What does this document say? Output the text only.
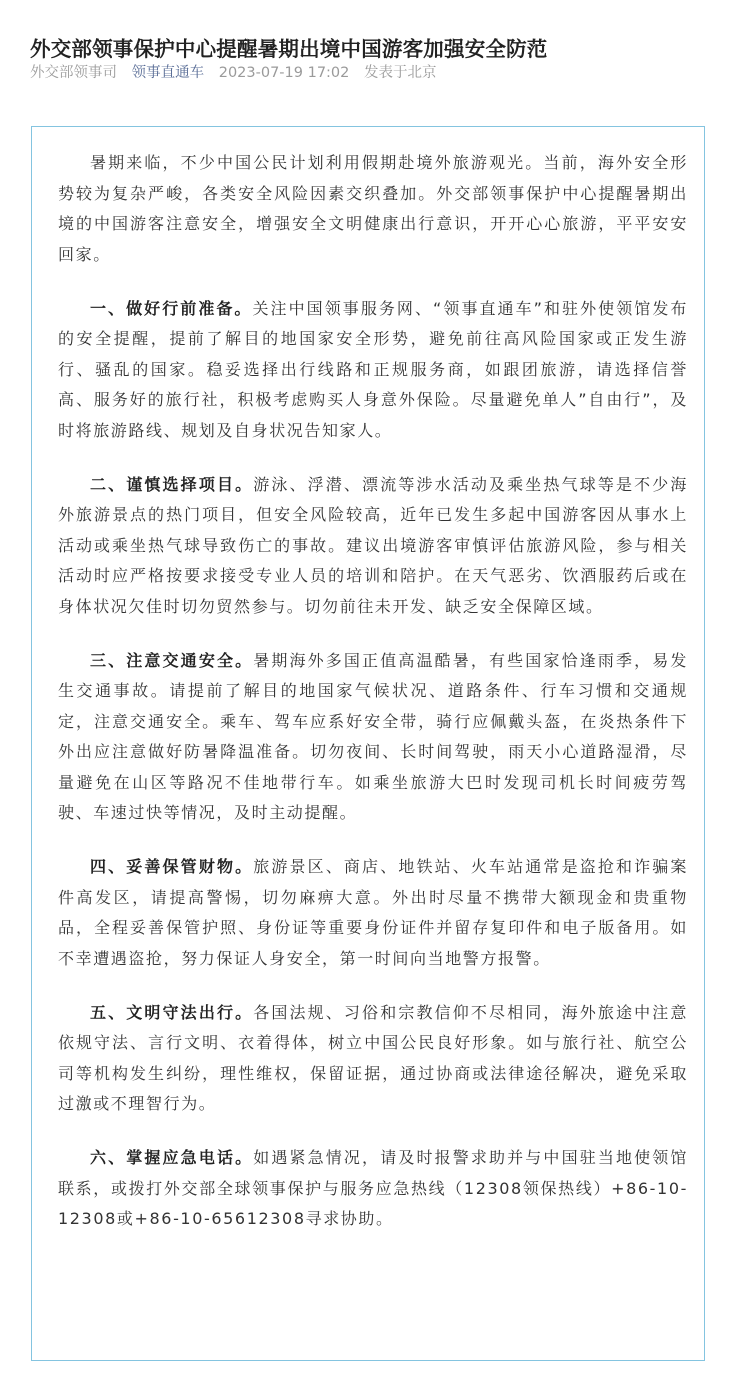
外交部领事保护中心提醒暑期出境中国游客加强安全防范
外交部领事司 领事直通车 2023-07-19 17:02 发表于北京

暑期来临，不少中国公民计划利用假期赴境外旅游观光。当前，海外安全形势较为复杂严峻，各类安全风险因素交织叠加。外交部领事保护中心提醒暑期出境的中国游客注意安全，增强安全文明健康出行意识，开开心心旅游，平平安安回家。

一、做好行前准备。关注中国领事服务网、“领事直通车”和驻外使领馆发布的安全提醒，提前了解目的地国家安全形势，避免前往高风险国家或正发生游行、骚乱的国家。稳妥选择出行线路和正规服务商，如跟团旅游，请选择信誉高、服务好的旅行社，积极考虑购买人身意外保险。尽量避免单人”自由行”，及时将旅游路线、规划及自身状况告知家人。

二、谨慎选择项目。游泳、浮潜、漂流等涉水活动及乘坐热气球等是不少海外旅游景点的热门项目，但安全风险较高，近年已发生多起中国游客因从事水上活动或乘坐热气球导致伤亡的事故。建议出境游客审慎评估旅游风险，参与相关活动时应严格按要求接受专业人员的培训和陪护。在天气恶劣、饮酒服药后或在身体状况欠佳时切勿贸然参与。切勿前往未开发、缺乏安全保障区域。

三、注意交通安全。暑期海外多国正值高温酷暑，有些国家恰逢雨季，易发生交通事故。请提前了解目的地国家气候状况、道路条件、行车习惯和交通规定，注意交通安全。乘车、驾车应系好安全带，骑行应佩戴头盔，在炎热条件下外出应注意做好防暑降温准备。切勿夜间、长时间驾驶，雨天小心道路湿滑，尽量避免在山区等路况不佳地带行车。如乘坐旅游大巴时发现司机长时间疲劳驾驶、车速过快等情况，及时主动提醒。

四、妥善保管财物。旅游景区、商店、地铁站、火车站通常是盗抢和诈骗案件高发区，请提高警惕，切勿麻痹大意。外出时尽量不携带大额现金和贵重物品，全程妥善保管护照、身份证等重要身份证件并留存复印件和电子版备用。如不幸遭遇盗抢，努力保证人身安全，第一时间向当地警方报警。

五、文明守法出行。各国法规、习俗和宗教信仰不尽相同，海外旅途中注意依规守法、言行文明、衣着得体，树立中国公民良好形象。如与旅行社、航空公司等机构发生纠纷，理性维权，保留证据，通过协商或法律途径解决，避免采取过激或不理智行为。

六、掌握应急电话。如遇紧急情况，请及时报警求助并与中国驻当地使领馆联系，或拨打外交部全球领事保护与服务应急热线（12308领保热线）+86-10-12308或+86-10-65612308寻求协助。
